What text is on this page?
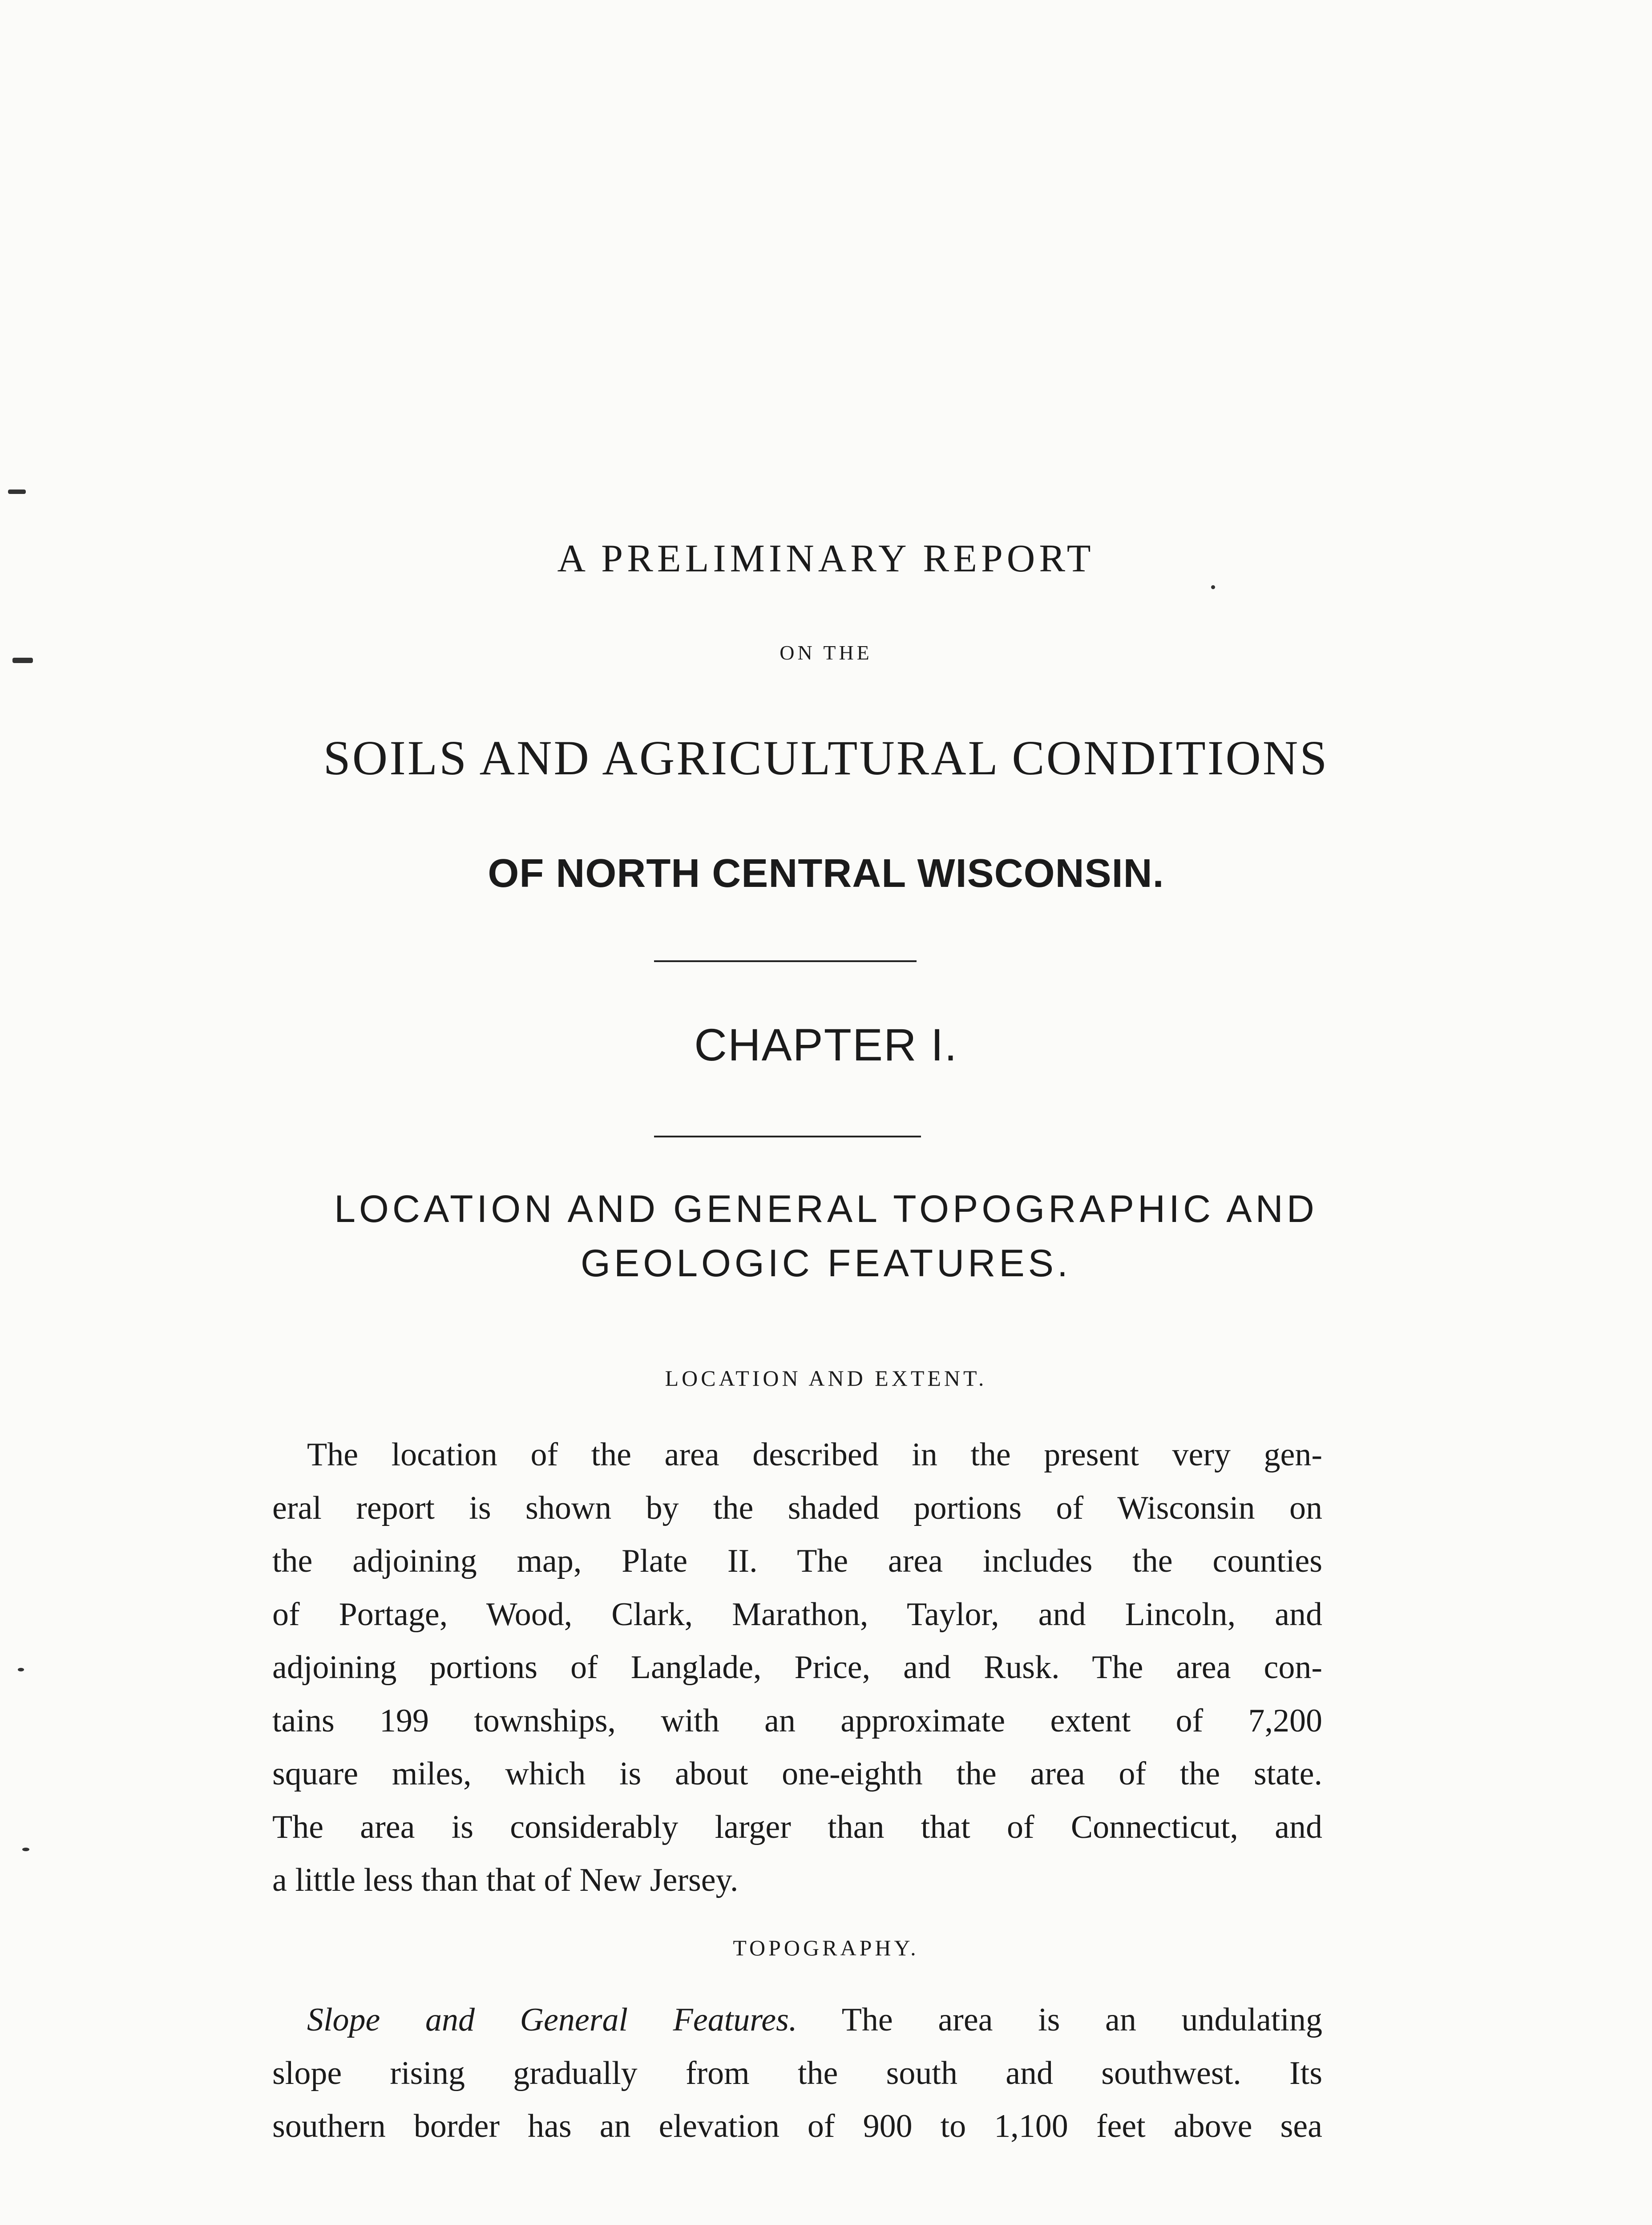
A PRELIMINARY REPORT
ON THE
SOILS AND AGRICULTURAL CONDITIONS
OF NORTH CENTRAL WISCONSIN.
CHAPTER I.
LOCATION AND GENERAL TOPOGRAPHIC AND
GEOLOGIC FEATURES.
LOCATION AND EXTENT.
The location of the area described in the present very gen-
eral report is shown by the shaded portions of Wisconsin on
the adjoining map, Plate II. The area includes the counties
of Portage, Wood, Clark, Marathon, Taylor, and Lincoln, and
adjoining portions of Langlade, Price, and Rusk. The area con-
tains 199 townships, with an approximate extent of 7,200
square miles, which is about one-eighth the area of the state.
The area is considerably larger than that of Connecticut, and
a little less than that of New Jersey.
TOPOGRAPHY.
Slope and General Features. The area is an undulating
slope rising gradually from the south and southwest. Its
southern border has an elevation of 900 to 1,100 feet above sea
